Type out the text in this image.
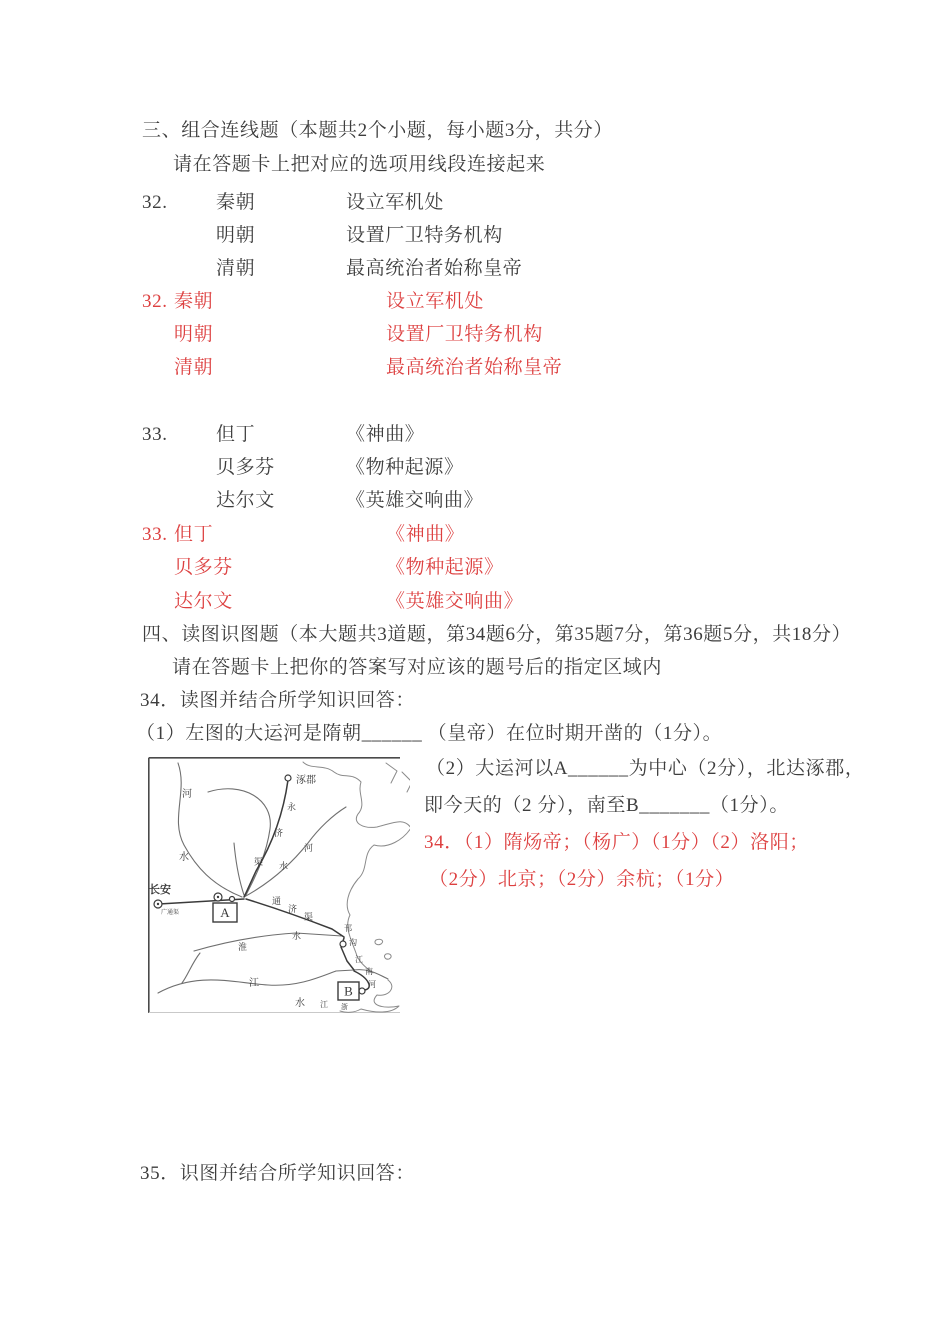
三、组合连线题（本题共2个小题，每小题3分，共分）
请在答题卡上把对应的选项用线段连接起来
32.	秦朝	设立军机处
明朝	设置厂卫特务机构
清朝	最高统治者始称皇帝
32. 秦朝	设立军机处
明朝	设置厂卫特务机构
清朝	最高统治者始称皇帝
33.	但丁	《神曲》
贝多芬	《物种起源》
达尔文	《英雄交响曲》
33. 但丁	《神曲》
贝多芬	《物种起源》
达尔文	《英雄交响曲》
四、读图识图题（本大题共3道题，第34题6分，第35题7分，第36题5分，共18分）
请在答题卡上把你的答案写对应该的题号后的指定区域内
34．读图并结合所学知识回答：
（1）左图的大运河是隋朝______ （皇帝）在位时期开凿的（1分）。
A
B
涿郡
河
水
永
济
渠
河
水
长安
广通渠
通
济
渠
淮
水
邗
沟
江
南
河
江
水 江 浙
（2）大运河以A______为中心（2分），北达涿郡，
即今天的（2 分），南至B_______（1分）。
34．（1）隋炀帝；（杨广）（1分）（2）洛阳；
（2分）北京；（2分）余杭；（1分）
35．识图并结合所学知识回答：
